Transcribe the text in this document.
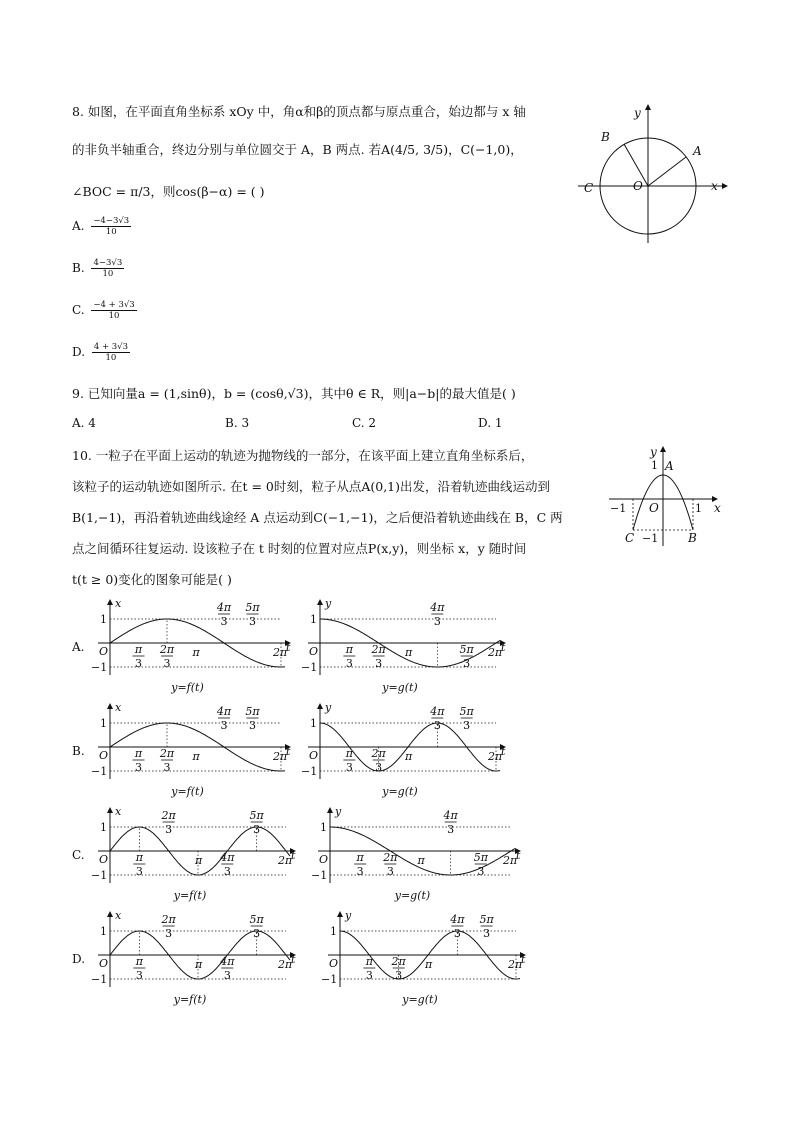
8. 如图，在平面直角坐标系 xOy 中，角α和β的顶点都与原点重合，始边都与 x 轴
的非负半轴重合，终边分别与单位圆交于 A，B 两点. 若A(4/5, 3/5)，C(−1,0)，
∠BOC = π/3，则cos(β−α) = ( )
A. $\frac{-4-3√3}{10}$
B. $\frac{4-3√3}{10}$
C. $\frac{-4 + 3√3}{10}$
D. $\frac{4 + 3√3}{10}$
B
A
C	O	x
y
9. 已知向量a = (1,sinθ)，b = (cosθ,√3)，其中θ ∈ R，则|a−b|的最大值是( )
A. 4	B. 3	C. 2	D. 1
10. 一粒子在平面上运动的轨迹为抛物线的一部分，在该平面上建立直角坐标系后，
该粒子的运动轨迹如图所示. 在t = 0时刻，粒子从点A(0,1)出发，沿着轨迹曲线运动到
B(1,−1)，再沿着轨迹曲线途经 A 点运动到C(−1,−1)，之后便沿着轨迹曲线在 B，C 两
点之间循环往复运动. 设该粒子在 t 时刻的位置对应点P(x,y)，则坐标 x，y 随时间
t(t ≥ 0)变化的图象可能是( )
A
1
O
−1	1 x
y
C −1 B
A.
B.
C.
D.
1
−1
O
x
t
2π
π
π
3
2π
3
4π
3
5π
3
y=f(t)
1
−1
O
y
t
2π
π
π
3
2π
3
4π
3
5π
3
y=g(t)
1
−1
O
x
t
2π
π
π
3
2π
3
4π
3
5π
3
y=f(t)
1
−1
O
y
t
2π
π
π
3
2π
3
4π
3
5π
3
y=g(t)
1
−1
O
x
t
2π
π
π
3
2π
3
4π
3
5π
3
y=f(t)
1
−1
O
y
t
2π
π
π
3
2π
3
4π
3
5π
3
y=g(t)
1
−1
O
x
t
2π
π
π
3
2π
3
4π
3
5π
3
y=f(t)
1
−1
O
y
t
2π
π
π
3
2π
3
4π
3
5π
3
y=g(t)
